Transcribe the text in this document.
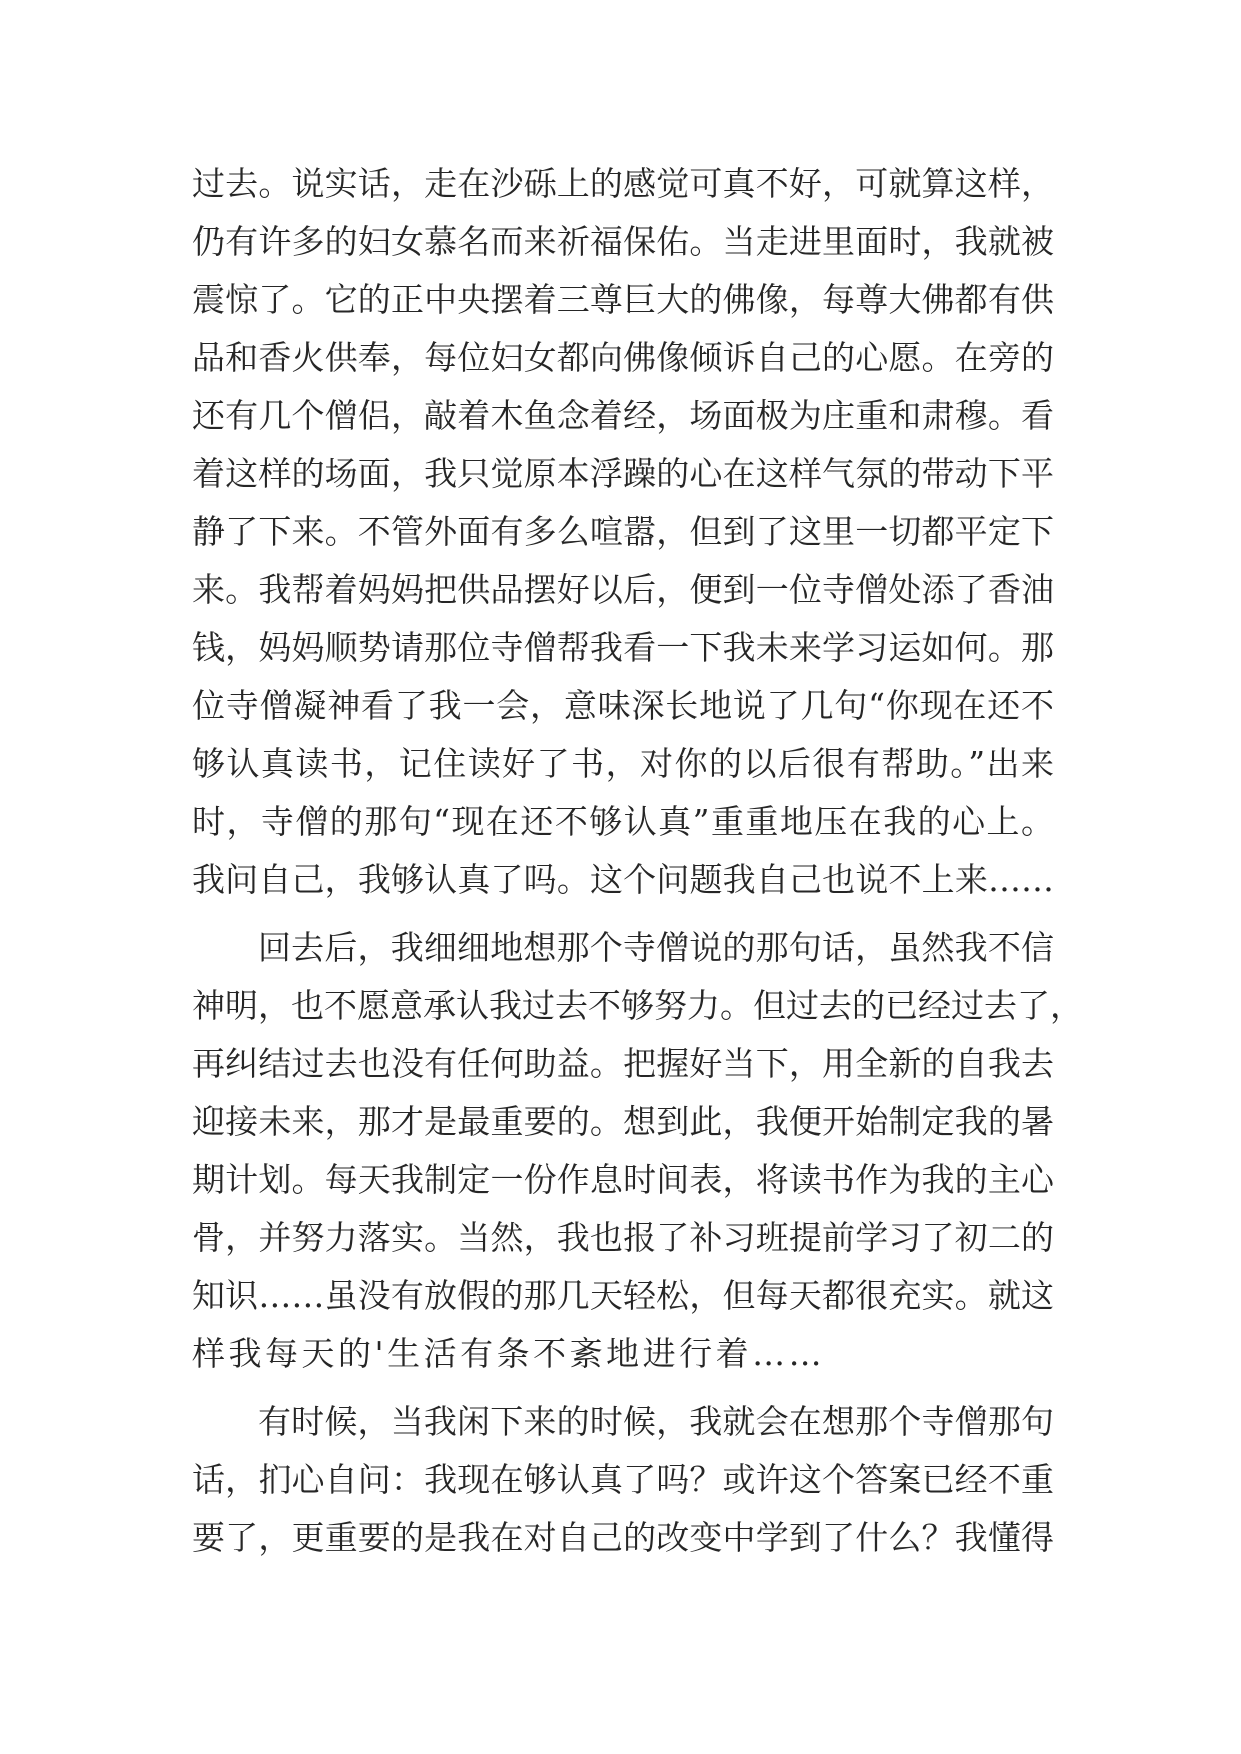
过去。说实话，走在沙砾上的感觉可真不好，可就算这样，
仍有许多的妇女慕名而来祈福保佑。当走进里面时，我就被
震惊了。它的正中央摆着三尊巨大的佛像，每尊大佛都有供
品和香火供奉，每位妇女都向佛像倾诉自己的心愿。在旁的
还有几个僧侣，敲着木鱼念着经，场面极为庄重和肃穆。看
着这样的场面，我只觉原本浮躁的心在这样气氛的带动下平
静了下来。不管外面有多么喧嚣，但到了这里一切都平定下
来。我帮着妈妈把供品摆好以后，便到一位寺僧处添了香油
钱，妈妈顺势请那位寺僧帮我看一下我未来学习运如何。那
位寺僧凝神看了我一会，意味深长地说了几句“你现在还不
够认真读书，记住读好了书，对你的以后很有帮助。”出来
时，寺僧的那句“现在还不够认真”重重地压在我的心上。
我问自己，我够认真了吗。这个问题我自己也说不上来……
回去后，我细细地想那个寺僧说的那句话，虽然我不信
神明，也不愿意承认我过去不够努力。但过去的已经过去了，
再纠结过去也没有任何助益。把握好当下，用全新的自我去
迎接未来，那才是最重要的。想到此，我便开始制定我的暑
期计划。每天我制定一份作息时间表，将读书作为我的主心
骨，并努力落实。当然，我也报了补习班提前学习了初二的
知识……虽没有放假的那几天轻松，但每天都很充实。就这
样我每天的'生活有条不紊地进行着……
有时候，当我闲下来的时候，我就会在想那个寺僧那句
话，扪心自问：我现在够认真了吗？或许这个答案已经不重
要了，更重要的是我在对自己的改变中学到了什么？我懂得
